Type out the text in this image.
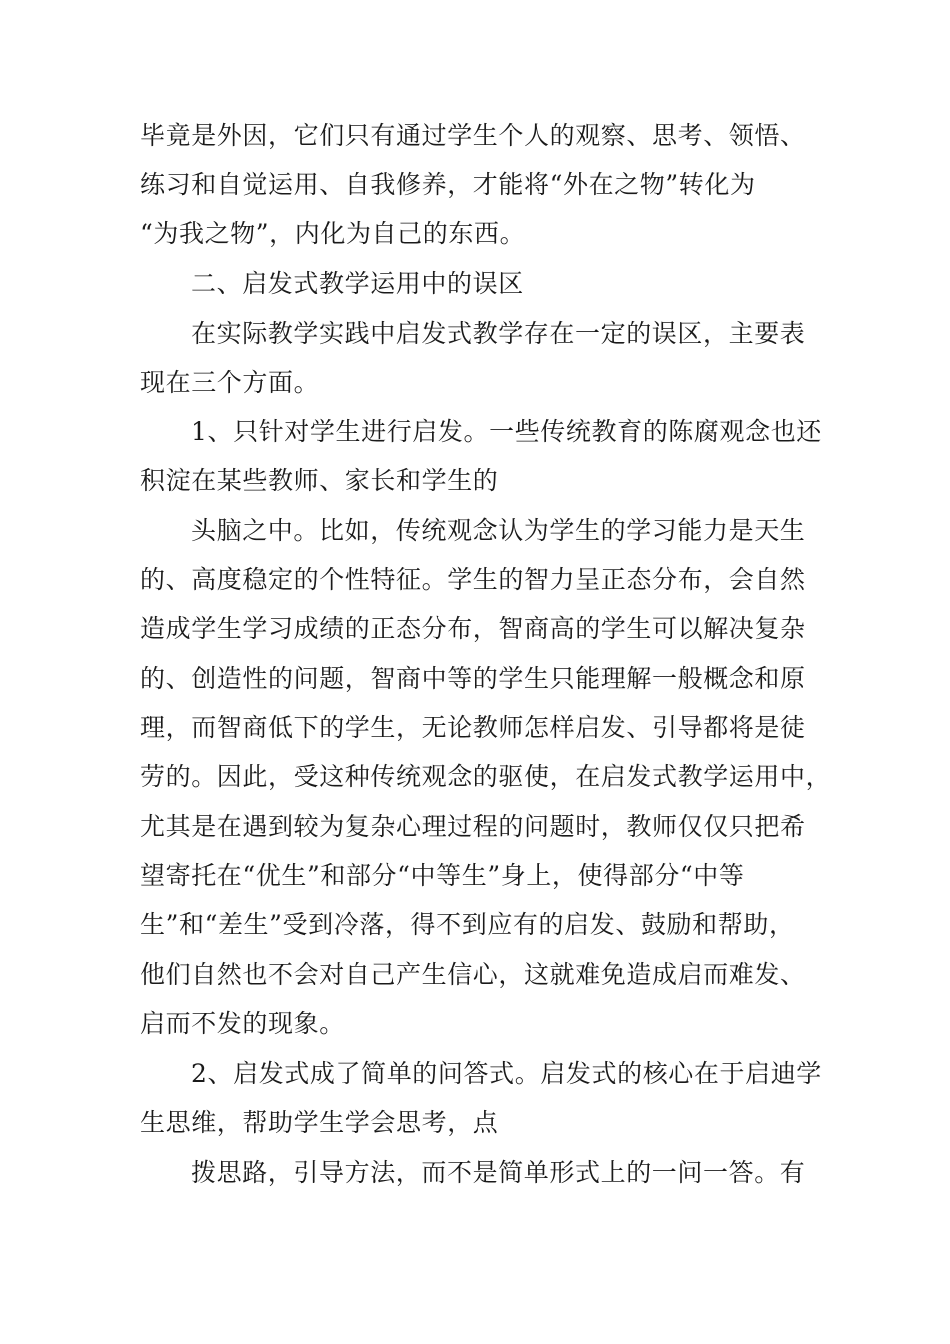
毕竟是外因，它们只有通过学生个人的观察、思考、领悟、
练习和自觉运用、自我修养，才能将“外在之物”转化为
“为我之物”，内化为自己的东西。
二、启发式教学运用中的误区
在实际教学实践中启发式教学存在一定的误区，主要表
现在三个方面。
1、只针对学生进行启发。一些传统教育的陈腐观念也还
积淀在某些教师、家长和学生的
头脑之中。比如，传统观念认为学生的学习能力是天生
的、高度稳定的个性特征。学生的智力呈正态分布，会自然
造成学生学习成绩的正态分布，智商高的学生可以解决复杂
的、创造性的问题，智商中等的学生只能理解一般概念和原
理，而智商低下的学生，无论教师怎样启发、引导都将是徒
劳的。因此，受这种传统观念的驱使，在启发式教学运用中，
尤其是在遇到较为复杂心理过程的问题时，教师仅仅只把希
望寄托在“优生”和部分“中等生”身上，使得部分“中等
生”和“差生”受到冷落，得不到应有的启发、鼓励和帮助，
他们自然也不会对自己产生信心，这就难免造成启而难发、
启而不发的现象。
2、启发式成了简单的问答式。启发式的核心在于启迪学
生思维，帮助学生学会思考，点
拨思路，引导方法，而不是简单形式上的一问一答。有
